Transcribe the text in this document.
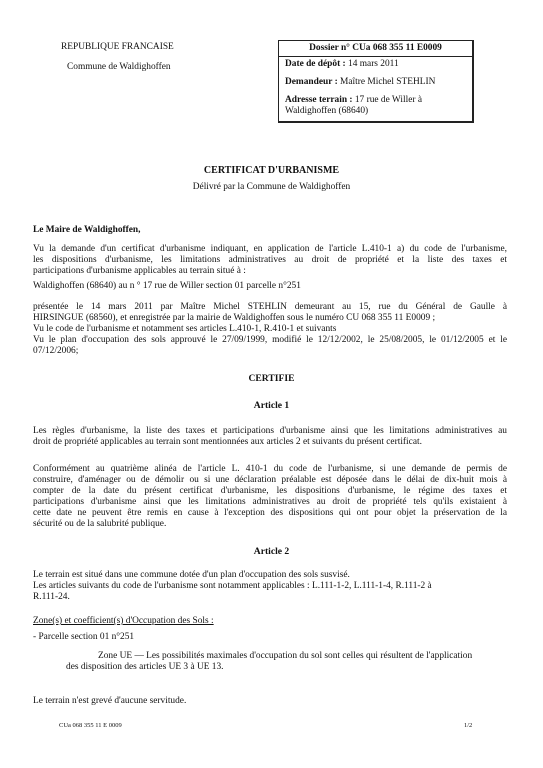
REPUBLIQUE FRANCAISE
Commune de Waldighoffen
Dossier n° CUa 068 355 11 E0009
Date de dépôt : 14 mars 2011
Demandeur : Maître Michel STEHLIN
Adresse terrain : 17 rue de Willer à
Waldighoffen (68640)
CERTIFICAT D'URBANISME
Délivré par la Commune de Waldighoffen
Le Maire de Waldighoffen,
Vu la demande d'un certificat d'urbanisme indiquant, en application de l'article L.410-1 a) du code de l'urbanisme,
les dispositions d'urbanisme, les limitations administratives au droit de propriété et la liste des taxes et
participations d'urbanisme applicables au terrain situé à :
Waldighoffen (68640) au n ° 17 rue de Willer section 01 parcelle n°251
présentée le 14 mars 2011 par Maître Michel STEHLIN demeurant au 15, rue du Général de Gaulle à
HIRSINGUE (68560), et enregistrée par la mairie de Waldighoffen sous le numéro CU 068 355 11 E0009 ;
Vu le code de l'urbanisme et notamment ses articles L.410-1, R.410-1 et suivants
Vu le plan d'occupation des sols approuvé le 27/09/1999, modifié le 12/12/2002, le 25/08/2005, le 01/12/2005 et le
07/12/2006;
CERTIFIE
Article 1
Les règles d'urbanisme, la liste des taxes et participations d'urbanisme ainsi que les limitations administratives au
droit de propriété applicables au terrain sont mentionnées aux articles 2 et suivants du présent certificat.
Conformément au quatrième alinéa de l'article L. 410-1 du code de l'urbanisme, si une demande de permis de
construire, d'aménager ou de démolir ou si une déclaration préalable est déposée dans le délai de dix-huit mois à
compter de la date du présent certificat d'urbanisme, les dispositions d'urbanisme, le régime des taxes et
participations d'urbanisme ainsi que les limitations administratives au droit de propriété tels qu'ils existaient à
cette date ne peuvent être remis en cause à l'exception des dispositions qui ont pour objet la préservation de la
sécurité ou de la salubrité publique.
Article 2
Le terrain est situé dans une commune dotée d'un plan d'occupation des sols susvisé.
Les articles suivants du code de l'urbanisme sont notamment applicables : L.111-1-2, L.111-1-4, R.111-2 à
R.111-24.
Zone(s) et coefficient(s) d'Occupation des Sols :
- Parcelle section 01 n°251
Zone UE — Les possibilités maximales d'occupation du sol sont celles qui résultent de l'application
des disposition des articles UE 3 à UE 13.
Le terrain n'est grevé d'aucune servitude.
CUa 068 355 11 E 0009	1/2
